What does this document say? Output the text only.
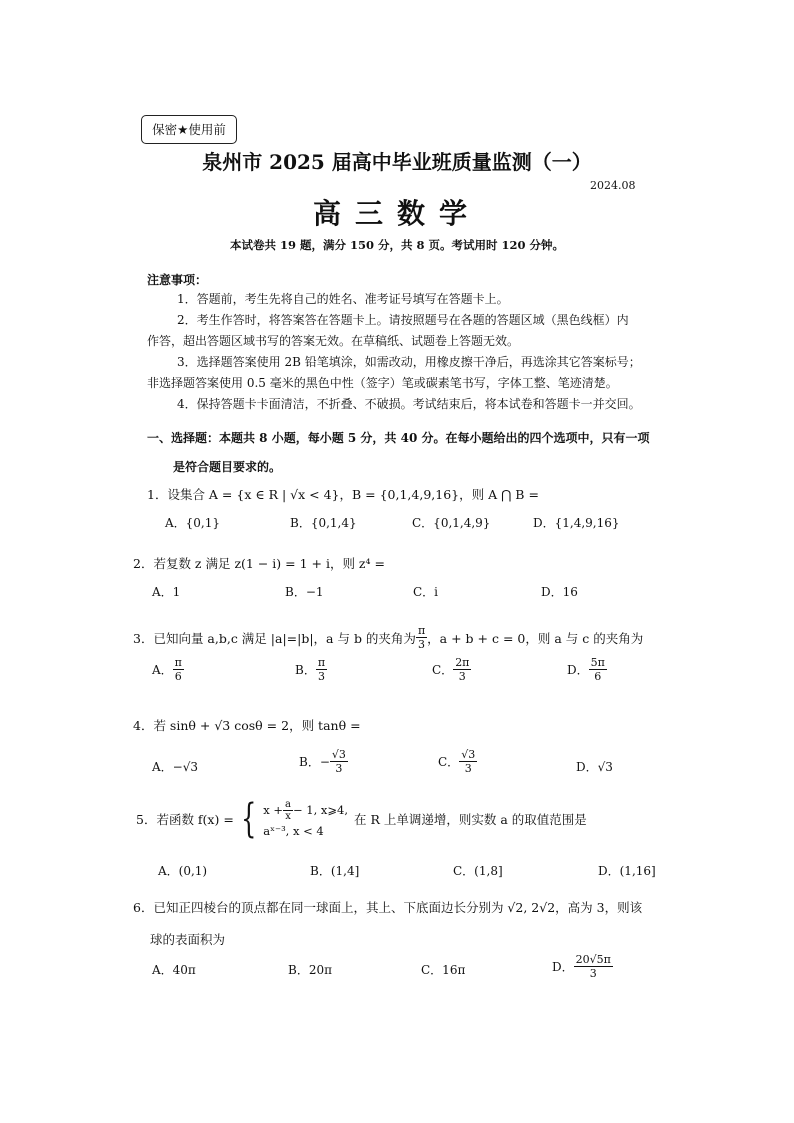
保密★使用前
泉州市 2025 届高中毕业班质量监测（一）
2024.08
高三数学
本试卷共 19 题，满分 150 分，共 8 页。考试用时 120 分钟。
注意事项：
1．答题前，考生先将自己的姓名、准考证号填写在答题卡上。
2．考生作答时，将答案答在答题卡上。请按照题号在各题的答题区域（黑色线框）内
作答，超出答题区域书写的答案无效。在草稿纸、试题卷上答题无效。
3．选择题答案使用 2B 铅笔填涂，如需改动，用橡皮擦干净后，再选涂其它答案标号；
非选择题答案使用 0.5 毫米的黑色中性（签字）笔或碳素笔书写，字体工整、笔迹清楚。
4．保持答题卡卡面清洁，不折叠、不破损。考试结束后，将本试卷和答题卡一并交回。
一、选择题：本题共 8 小题，每小题 5 分，共 40 分。在每小题给出的四个选项中，只有一项
是符合题目要求的。
1．设集合 A = {x ∈ R | √x < 4}，B = {0,1,4,9,16}，则 A ⋂ B =
A．{0,1}	B．{0,1,4}	C．{0,1,4,9}	D．{1,4,9,16}
2．若复数 z 满足 z(1 − i) = 1 + i，则 z⁴ =
A．1	B．−1	C．i	D．16
3．已知向量 a,b,c 满足 |a|=|b|，a 与 b 的夹角为 $\frac{\pi}{3}$ ，a + b + c = 0，则 a 与 c 的夹角为
A． $\frac{\pi}{6}$	B． $\frac{\pi}{3}$	C． $\frac{2\pi}{3}$	D． $\frac{5\pi}{6}$
4．若 sinθ + √3 cosθ = 2，则 tanθ =
A． −√3	B． − $\frac{√3}{3}$	C． $\frac{√3}{3}$	D． √3
5．若函数 f(x) = { $x + \frac{a}{x} - 1$, x⩾4,
aˣ⁻³, x < 4
在 R 上单调递增，则实数 a 的取值范围是
A．(0,1)	B．(1,4]	C．(1,8]	D．(1,16]
6．已知正四棱台的顶点都在同一球面上，其上、下底面边长分别为 √2, 2√2，高为 3，则该
球的表面积为
A．40π	B．20π	C．16π	D． $\frac{20√5\pi}{3}$
